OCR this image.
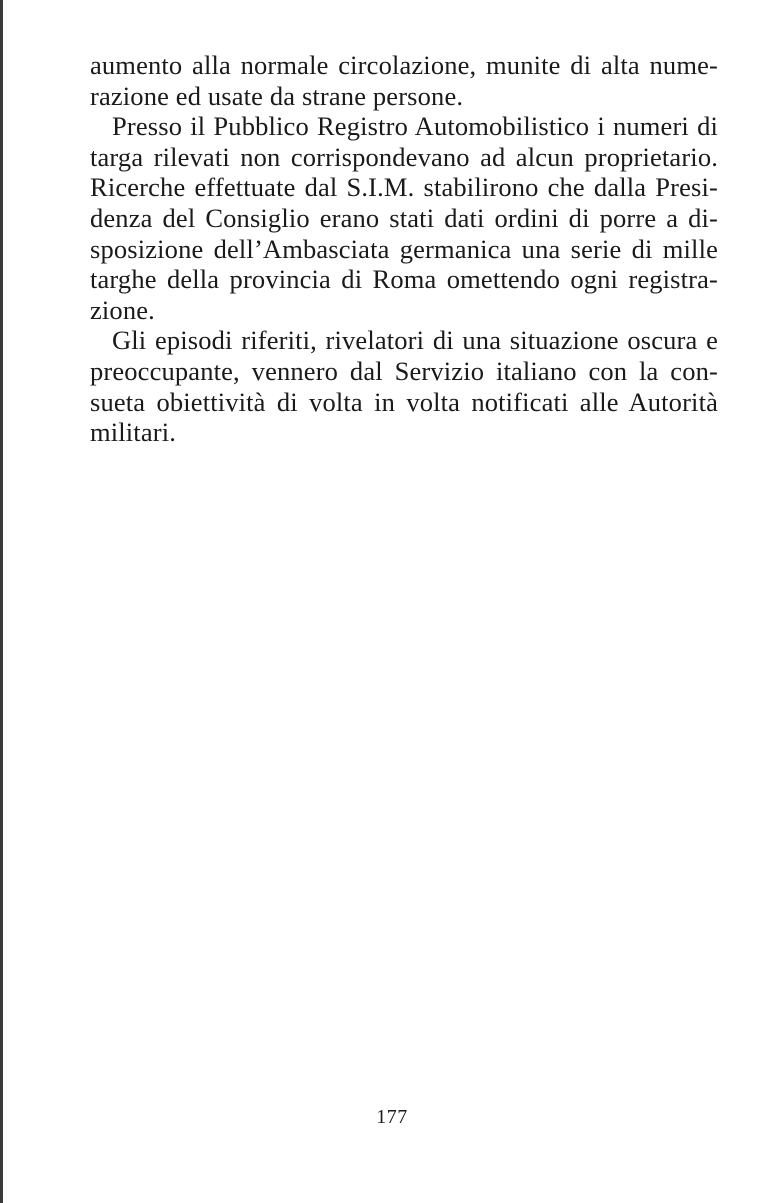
aumento alla normale circolazione, munite di alta nume-
razione ed usate da strane persone.

Presso il Pubblico Registro Automobilistico i numeri di
targa rilevati non corrispondevano ad alcun proprietario.
Ricerche effettuate dal S.I.M. stabilirono che dalla Presi-
denza del Consiglio erano stati dati ordini di porre a di-
sposizione dell’Ambasciata germanica una serie di mille
targhe della provincia di Roma omettendo ogni registra-
zione.

Gli episodi riferiti, rivelatori di una situazione oscura e
preoccupante, vennero dal Servizio italiano con la con-
sueta obiettività di volta in volta notificati alle Autorità
militari.

177
